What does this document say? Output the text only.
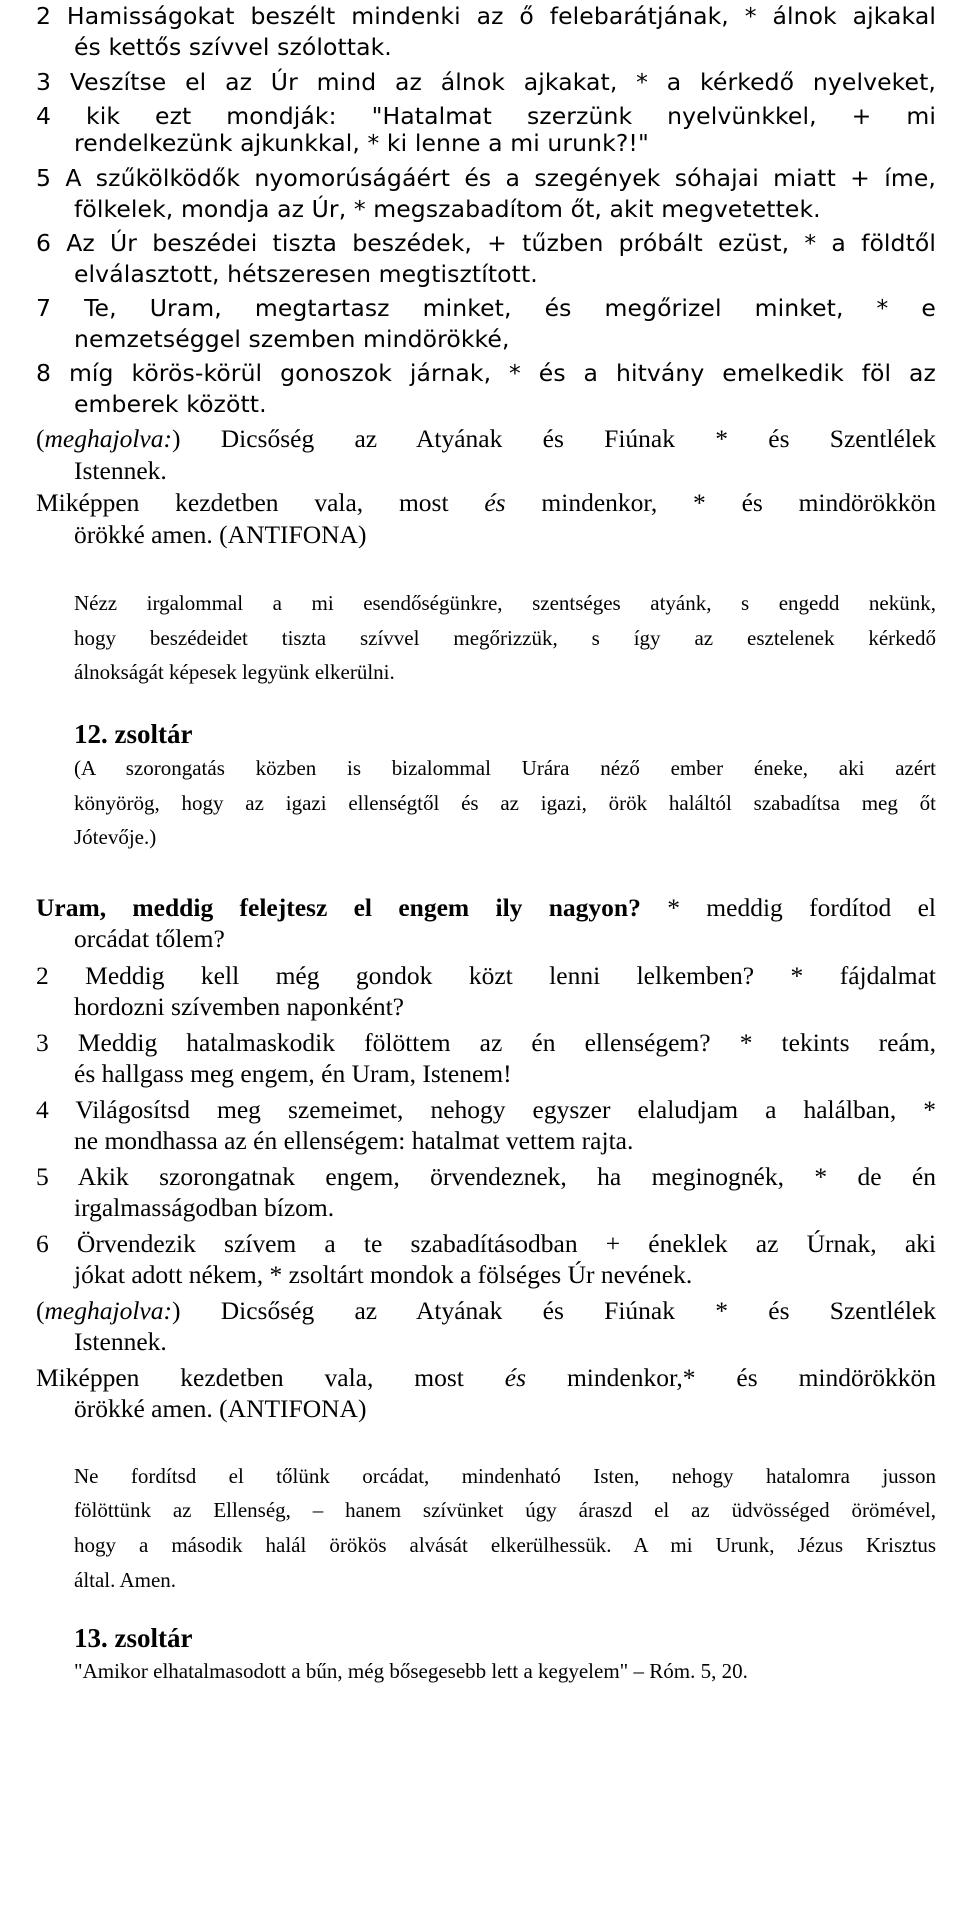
2 Hamisságokat beszélt mindenki az ő felebarátjának, * álnok ajkakal
és kettős szívvel szólottak.
3 Veszítse el az Úr mind az álnok ajkakat, * a kérkedő nyelveket,
4 kik ezt mondják: "Hatalmat szerzünk nyelvünkkel, + mi
rendelkezünk ajkunkkal, * ki lenne a mi urunk?!"
5 A szűkölködők nyomorúságáért és a szegények sóhajai miatt + íme,
fölkelek, mondja az Úr, * megszabadítom őt, akit megvetettek.
6 Az Úr beszédei tiszta beszédek, + tűzben próbált ezüst, * a földtől
elválasztott, hétszeresen megtisztított.
7 Te, Uram, megtartasz minket, és megőrizel minket, * e
nemzetséggel szemben mindörökké,
8 míg körös-körül gonoszok járnak, * és a hitvány emelkedik föl az
emberek között.
(meghajolva:) Dicsőség az Atyának és Fiúnak * és Szentlélek
Istennek.
Miképpen kezdetben vala, most és mindenkor, * és mindörökkön
örökké amen. (ANTIFONA)
Nézz irgalommal a mi esendőségünkre, szentséges atyánk, s engedd nekünk,
hogy beszédeidet tiszta szívvel megőrizzük, s így az esztelenek kérkedő
álnokságát képesek legyünk elkerülni.
12. zsoltár
(A szorongatás közben is bizalommal Urára néző ember éneke, aki azért
könyörög, hogy az igazi ellenségtől és az igazi, örök haláltól szabadítsa meg őt
Jótevője.)
Uram, meddig felejtesz el engem ily nagyon? * meddig fordítod el
orcádat tőlem?
2 Meddig kell még gondok közt lenni lelkemben? * fájdalmat
hordozni szívemben naponként?
3 Meddig hatalmaskodik fölöttem az én ellenségem? * tekints reám,
és hallgass meg engem, én Uram, Istenem!
4 Világosítsd meg szemeimet, nehogy egyszer elaludjam a halálban, *
ne mondhassa az én ellenségem: hatalmat vettem rajta.
5 Akik szorongatnak engem, örvendeznek, ha meginognék, * de én
irgalmasságodban bízom.
6 Örvendezik szívem a te szabadításodban + éneklek az Úrnak, aki
jókat adott nékem, * zsoltárt mondok a fölséges Úr nevének.
(meghajolva:) Dicsőség az Atyának és Fiúnak * és Szentlélek
Istennek.
Miképpen kezdetben vala, most és mindenkor,* és mindörökkön
örökké amen. (ANTIFONA)
Ne fordítsd el tőlünk orcádat, mindenható Isten, nehogy hatalomra jusson
fölöttünk az Ellenség, – hanem szívünket úgy áraszd el az üdvösséged örömével,
hogy a második halál örökös alvását elkerülhessük. A mi Urunk, Jézus Krisztus
által. Amen.
13. zsoltár
"Amikor elhatalmasodott a bűn, még bősegesebb lett a kegyelem" – Róm. 5, 20.
